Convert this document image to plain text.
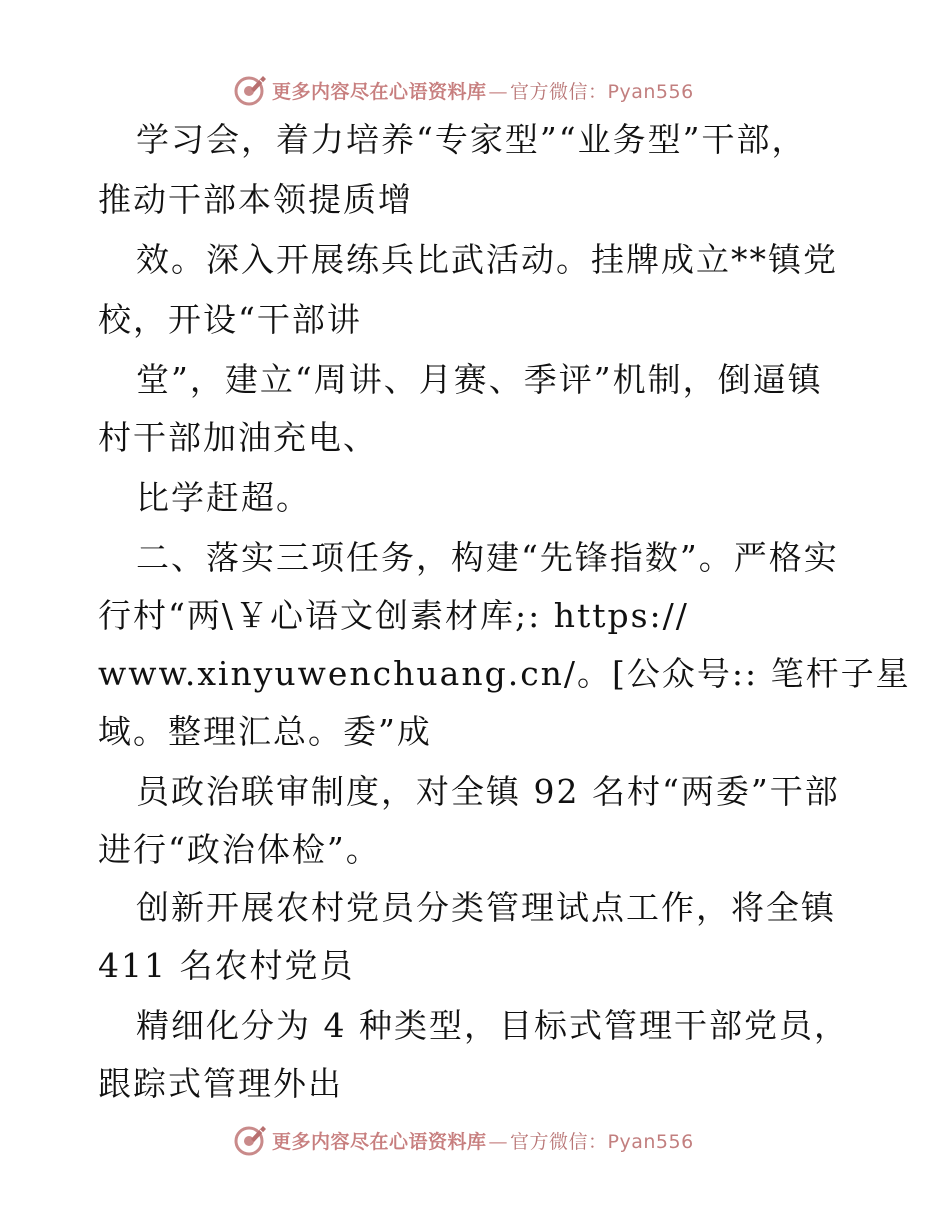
更多内容尽在心语资料库 — 官方微信：Pyan556
学习会，着力培养“专家型”“业务型”干部，
推动干部本领提质增
效。深入开展练兵比武活动。挂牌成立**镇党
校，开设“干部讲
堂”，建立“周讲、月赛、季评”机制，倒逼镇
村干部加油充电、
比学赶超。
二、落实三项任务，构建“先锋指数”。严格实
行村“两\￥心语文创素材库;: https://
www.xinyuwenchuang.cn/。[公众号:: 笔杆子星
域。整理汇总。委”成
员政治联审制度，对全镇 92 名村“两委”干部
进行“政治体检”。
创新开展农村党员分类管理试点工作，将全镇
411 名农村党员
精细化分为 4 种类型，目标式管理干部党员，
跟踪式管理外出
更多内容尽在心语资料库 — 官方微信：Pyan556
